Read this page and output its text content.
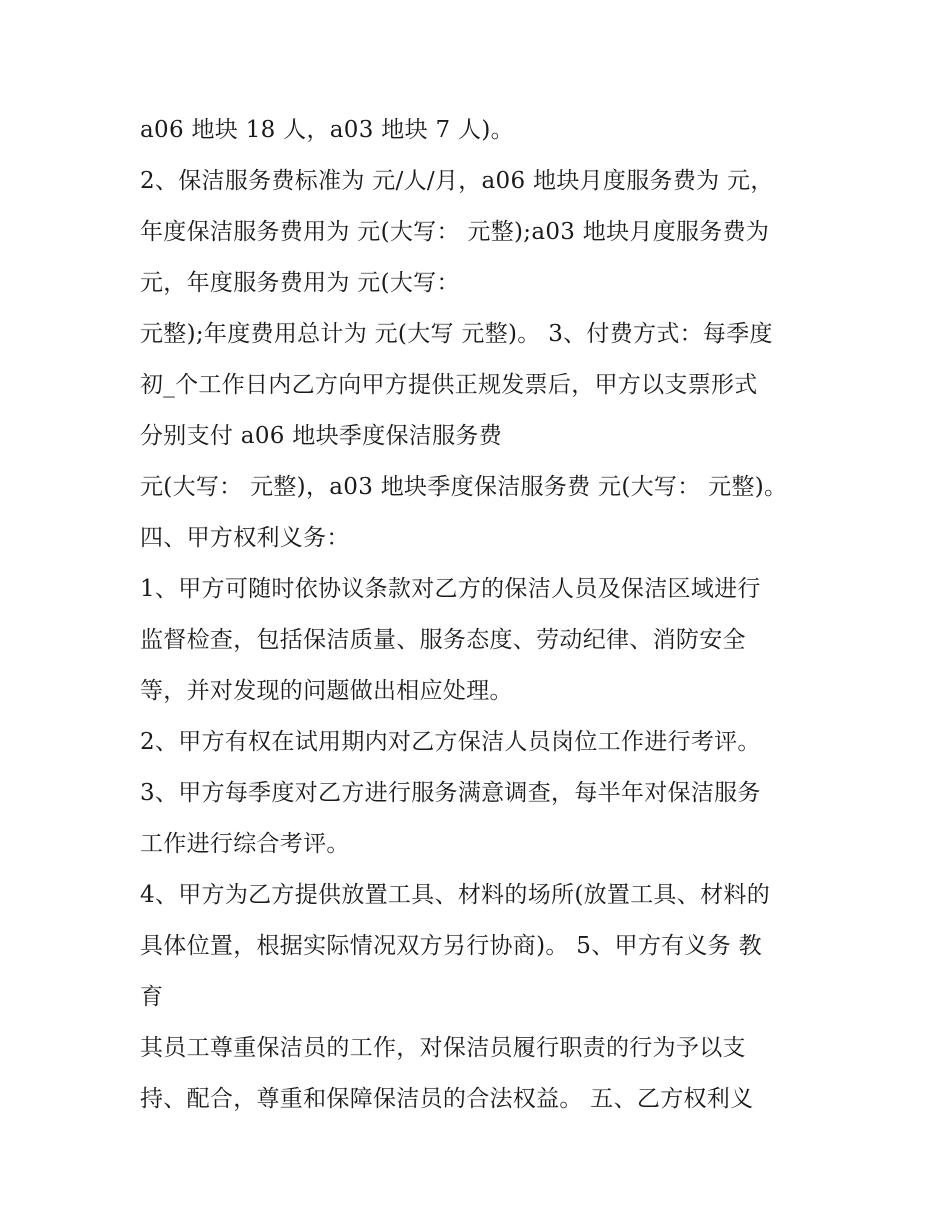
a06 地块 18 人，a03 地块 7 人)。
2、保洁服务费标准为 元/人/月，a06 地块月度服务费为 元，
年度保洁服务费用为 元(大写： 元整);a03 地块月度服务费为
元，年度服务费用为 元(大写：
元整);年度费用总计为 元(大写 元整)。 3、付费方式：每季度
初_个工作日内乙方向甲方提供正规发票后，甲方以支票形式
分别支付 a06 地块季度保洁服务费
元(大写： 元整)，a03 地块季度保洁服务费 元(大写： 元整)。
四、甲方权利义务：
1、甲方可随时依协议条款对乙方的保洁人员及保洁区域进行
监督检查，包括保洁质量、服务态度、劳动纪律、消防安全
等，并对发现的问题做出相应处理。
2、甲方有权在试用期内对乙方保洁人员岗位工作进行考评。
3、甲方每季度对乙方进行服务满意调查，每半年对保洁服务
工作进行综合考评。
4、甲方为乙方提供放置工具、材料的场所(放置工具、材料的
具体位置，根据实际情况双方另行协商)。 5、甲方有义务 教
育
其员工尊重保洁员的工作，对保洁员履行职责的行为予以支
持、配合，尊重和保障保洁员的合法权益。 五、乙方权利义
